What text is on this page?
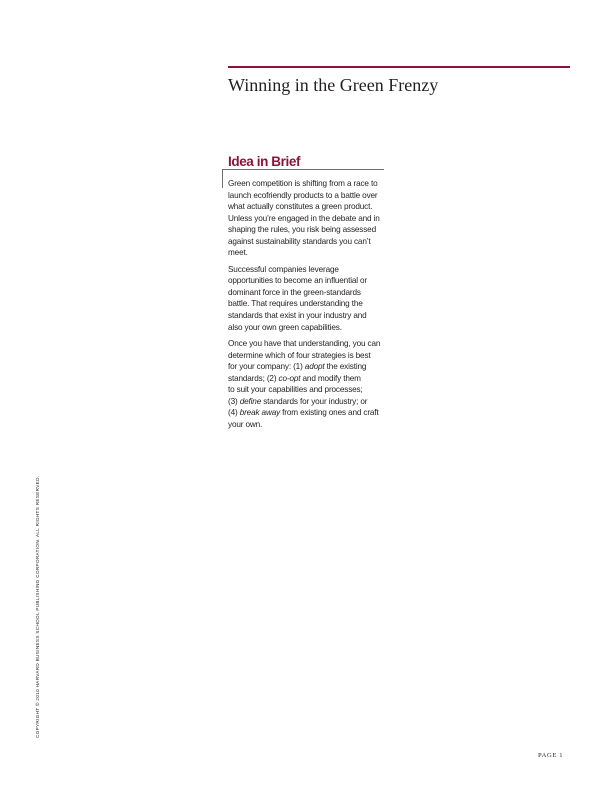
Winning in the Green Frenzy
Idea in Brief

Green competition is shifting from a race to
launch ecofriendly products to a battle over
what actually constitutes a green product.
Unless you’re engaged in the debate and in
shaping the rules, you risk being assessed
against sustainability standards you can’t
meet.

Successful companies leverage
opportunities to become an influential or
dominant force in the green-standards
battle. That requires understanding the
standards that exist in your industry and
also your own green capabilities.

Once you have that understanding, you can
determine which of four strategies is best
for your company: (1) adopt the existing
standards; (2) co-opt and modify them
to suit your capabilities and processes;
(3) define standards for your industry; or
(4) break away from existing ones and craft
your own.

COPYRIGHT © 2010 HARVARD BUSINESS SCHOOL PUBLISHING CORPORATION. ALL RIGHTS RESERVED.
PAGE 1
